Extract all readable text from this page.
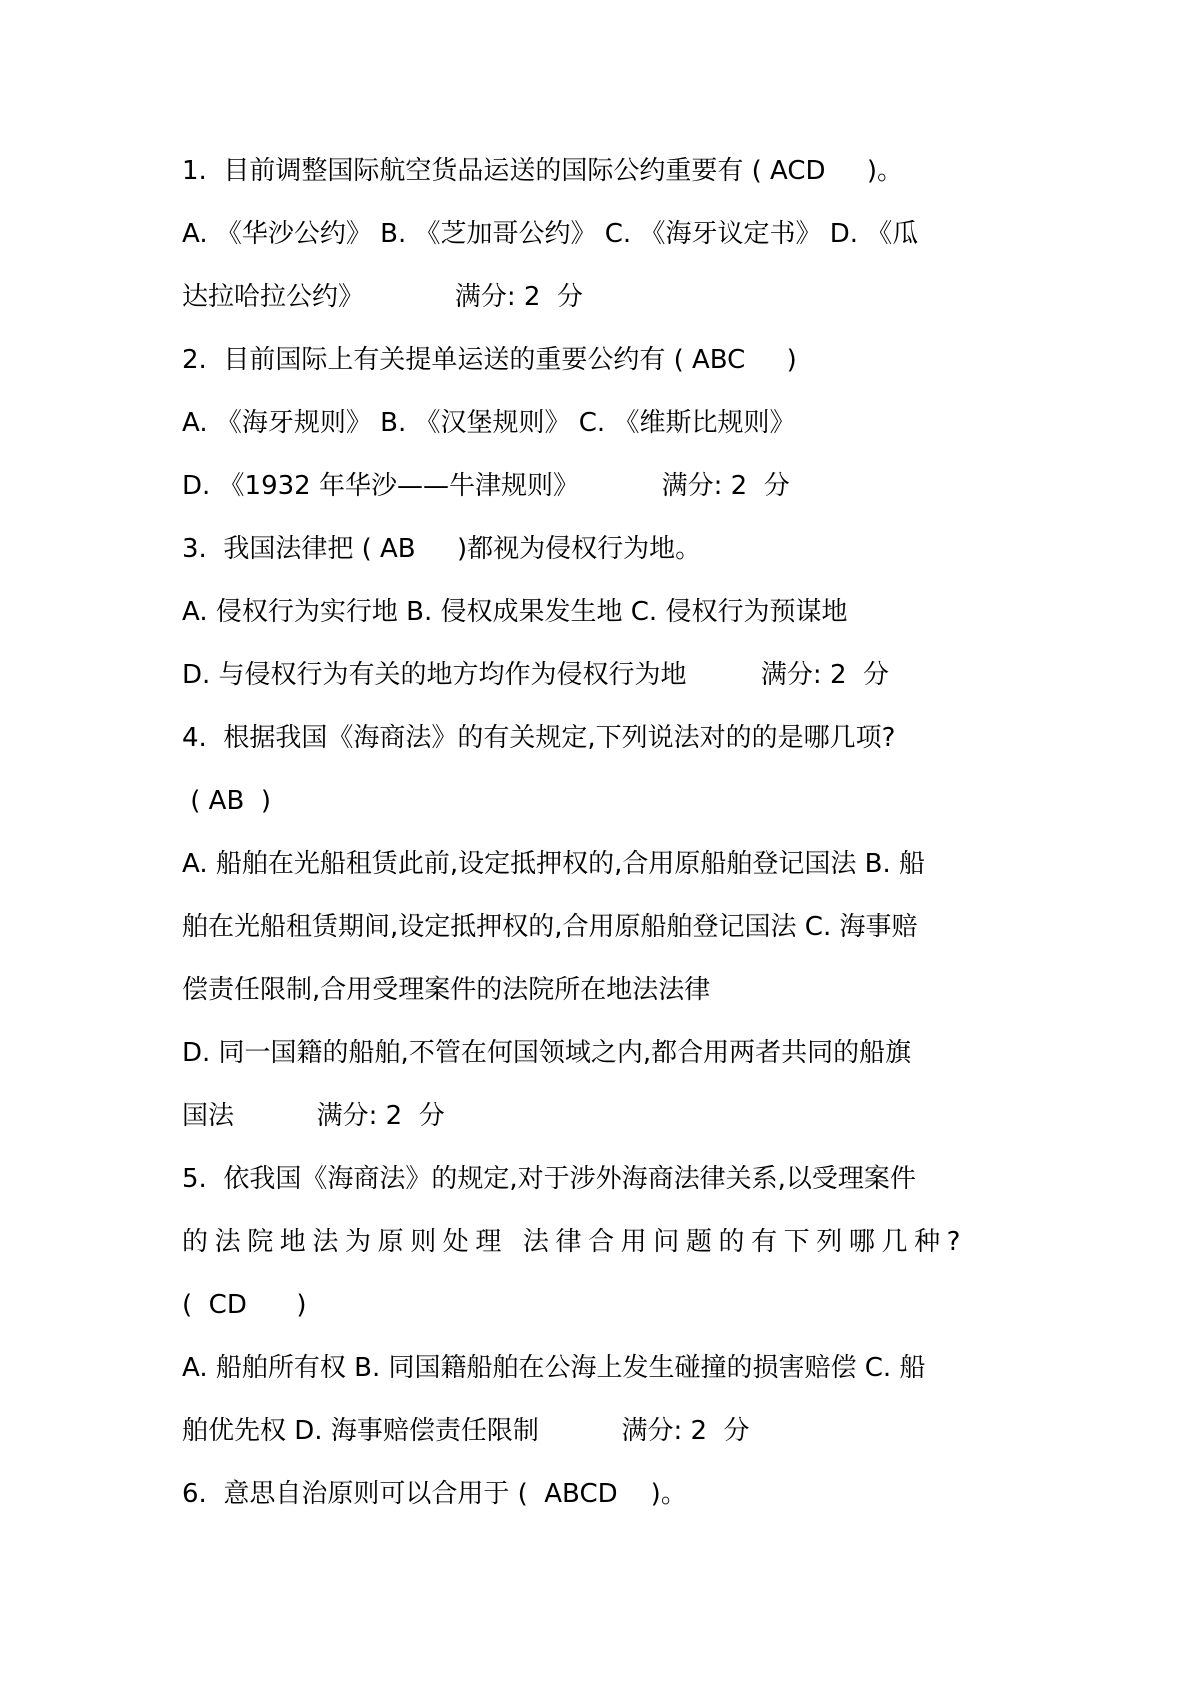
1.  目前调整国际航空货品运送的国际公约重要有 ( ACD     )。
A. 《华沙公约》 B. 《芝加哥公约》 C. 《海牙议定书》 D. 《瓜
达拉哈拉公约》           满分: 2  分
2.  目前国际上有关提单运送的重要公约有 ( ABC     )
A. 《海牙规则》 B. 《汉堡规则》 C. 《维斯比规则》
D. 《1932 年华沙——牛津规则》          满分: 2  分
3.  我国法律把 ( AB     )都视为侵权行为地。
A. 侵权行为实行地 B. 侵权成果发生地 C. 侵权行为预谋地
D. 与侵权行为有关的地方均作为侵权行为地         满分: 2  分
4.  根据我国《海商法》的有关规定,下列说法对的的是哪几项?
( AB  )
A. 船舶在光船租赁此前,设定抵押权的,合用原船舶登记国法 B. 船
舶在光船租赁期间,设定抵押权的,合用原船舶登记国法 C. 海事赔
偿责任限制,合用受理案件的法院所在地法法律
D. 同一国籍的船舶,不管在何国领域之内,都合用两者共同的船旗
国法          满分: 2  分
5.  依我国《海商法》的规定,对于涉外海商法律关系,以受理案件
的法院地法为原则处理 法律合用问题的有下列哪几种?
(  CD      )
A. 船舶所有权 B. 同国籍船舶在公海上发生碰撞的损害赔偿 C. 船
舶优先权 D. 海事赔偿责任限制          满分: 2  分
6.  意思自治原则可以合用于 (  ABCD    )。
